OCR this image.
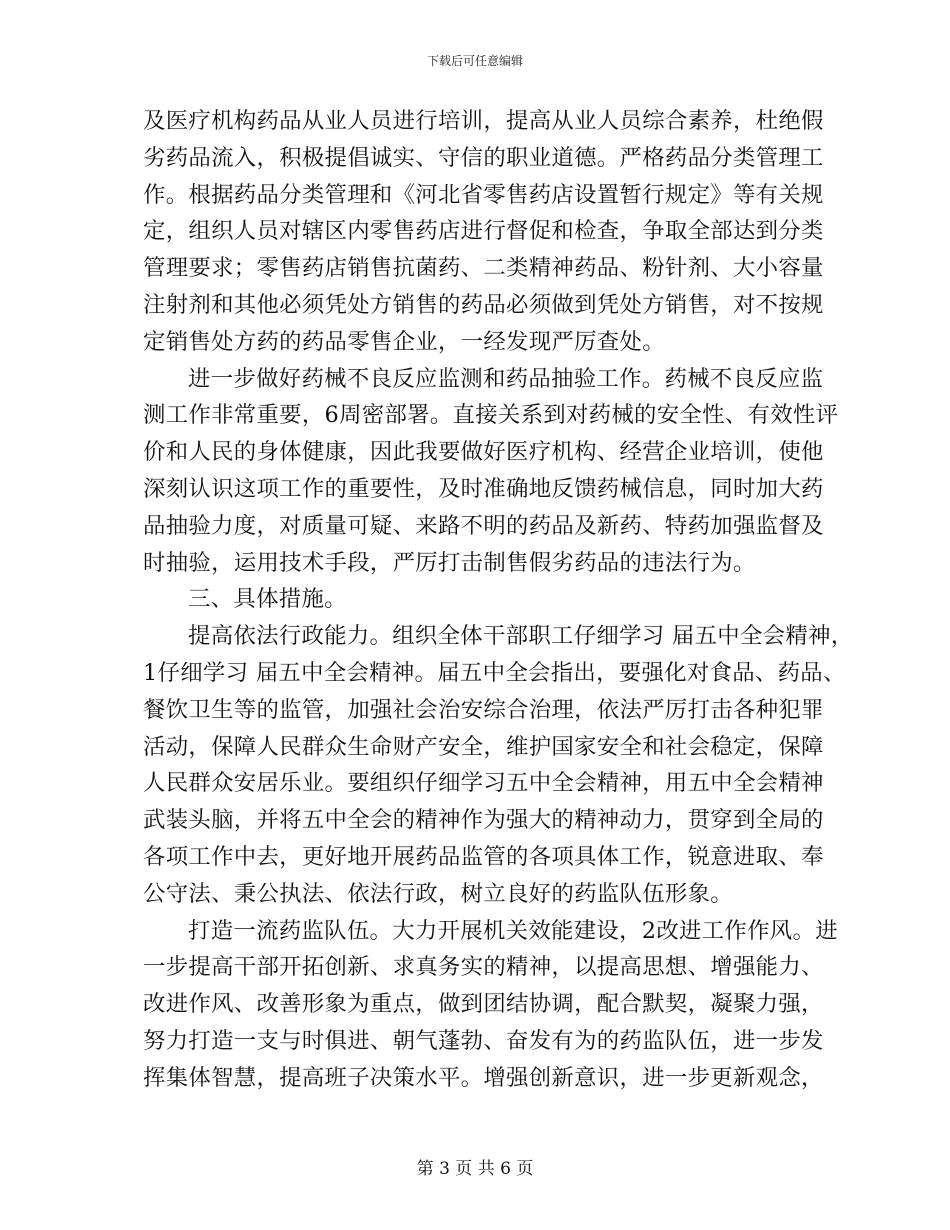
下载后可任意编辑
及医疗机构药品从业人员进行培训，提高从业人员综合素养，杜绝假
劣药品流入，积极提倡诚实、守信的职业道德。严格药品分类管理工
作。根据药品分类管理和《河北省零售药店设置暂行规定》等有关规
定，组织人员对辖区内零售药店进行督促和检查，争取全部达到分类
管理要求；零售药店销售抗菌药、二类精神药品、粉针剂、大小容量
注射剂和其他必须凭处方销售的药品必须做到凭处方销售，对不按规
定销售处方药的药品零售企业，一经发现严厉查处。
进一步做好药械不良反应监测和药品抽验工作。药械不良反应监
测工作非常重要，6周密部署。直接关系到对药械的安全性、有效性评
价和人民的身体健康，因此我要做好医疗机构、经营企业培训，使他
深刻认识这项工作的重要性，及时准确地反馈药械信息，同时加大药
品抽验力度，对质量可疑、来路不明的药品及新药、特药加强监督及
时抽验，运用技术手段，严厉打击制售假劣药品的违法行为。
三、具体措施。
提高依法行政能力。组织全体干部职工仔细学习 届五中全会精神，
1仔细学习 届五中全会精神。届五中全会指出，要强化对食品、药品、
餐饮卫生等的监管，加强社会治安综合治理，依法严厉打击各种犯罪
活动，保障人民群众生命财产安全，维护国家安全和社会稳定，保障
人民群众安居乐业。要组织仔细学习五中全会精神，用五中全会精神
武装头脑，并将五中全会的精神作为强大的精神动力，贯穿到全局的
各项工作中去，更好地开展药品监管的各项具体工作，锐意进取、奉
公守法、秉公执法、依法行政，树立良好的药监队伍形象。
打造一流药监队伍。大力开展机关效能建设，2改进工作作风。进
一步提高干部开拓创新、求真务实的精神，以提高思想、增强能力、
改进作风、改善形象为重点，做到团结协调，配合默契，凝聚力强，
努力打造一支与时俱进、朝气蓬勃、奋发有为的药监队伍，进一步发
挥集体智慧，提高班子决策水平。增强创新意识，进一步更新观念，
第 3 页 共 6 页
